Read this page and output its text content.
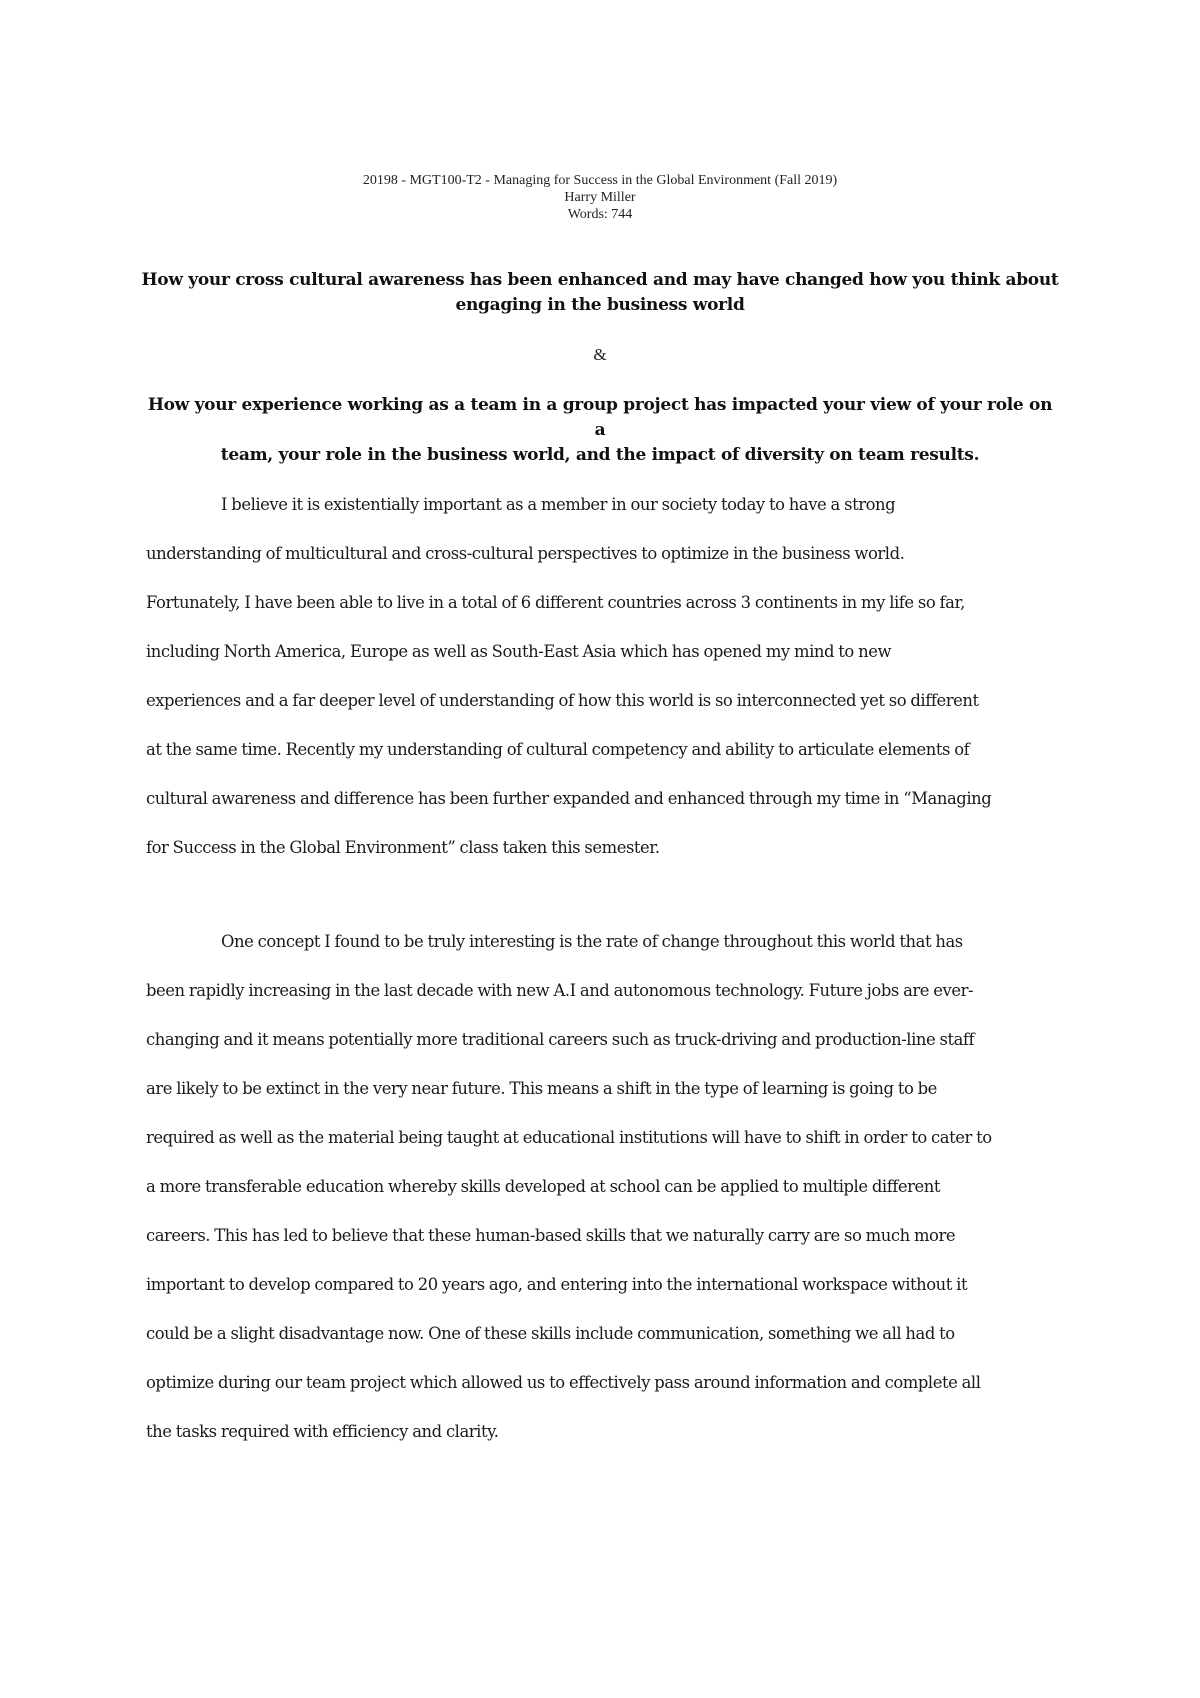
20198 - MGT100-T2 - Managing for Success in the Global Environment (Fall 2019)
Harry Miller
Words: 744
How your cross cultural awareness has been enhanced and may have changed how you think about
engaging in the business world
&
How your experience working as a team in a group project has impacted your view of your role on a
team, your role in the business world, and the impact of diversity on team results.
I believe it is existentially important as a member in our society today to have a strong
understanding of multicultural and cross-cultural perspectives to optimize in the business world.
Fortunately, I have been able to live in a total of 6 different countries across 3 continents in my life so far,
including North America, Europe as well as South-East Asia which has opened my mind to new
experiences and a far deeper level of understanding of how this world is so interconnected yet so different
at the same time. Recently my understanding of cultural competency and ability to articulate elements of
cultural awareness and difference has been further expanded and enhanced through my time in “Managing
for Success in the Global Environment” class taken this semester.
One concept I found to be truly interesting is the rate of change throughout this world that has
been rapidly increasing in the last decade with new A.I and autonomous technology. Future jobs are ever-
changing and it means potentially more traditional careers such as truck-driving and production-line staff
are likely to be extinct in the very near future. This means a shift in the type of learning is going to be
required as well as the material being taught at educational institutions will have to shift in order to cater to
a more transferable education whereby skills developed at school can be applied to multiple different
careers. This has led to believe that these human-based skills that we naturally carry are so much more
important to develop compared to 20 years ago, and entering into the international workspace without it
could be a slight disadvantage now. One of these skills include communication, something we all had to
optimize during our team project which allowed us to effectively pass around information and complete all
the tasks required with efficiency and clarity.
